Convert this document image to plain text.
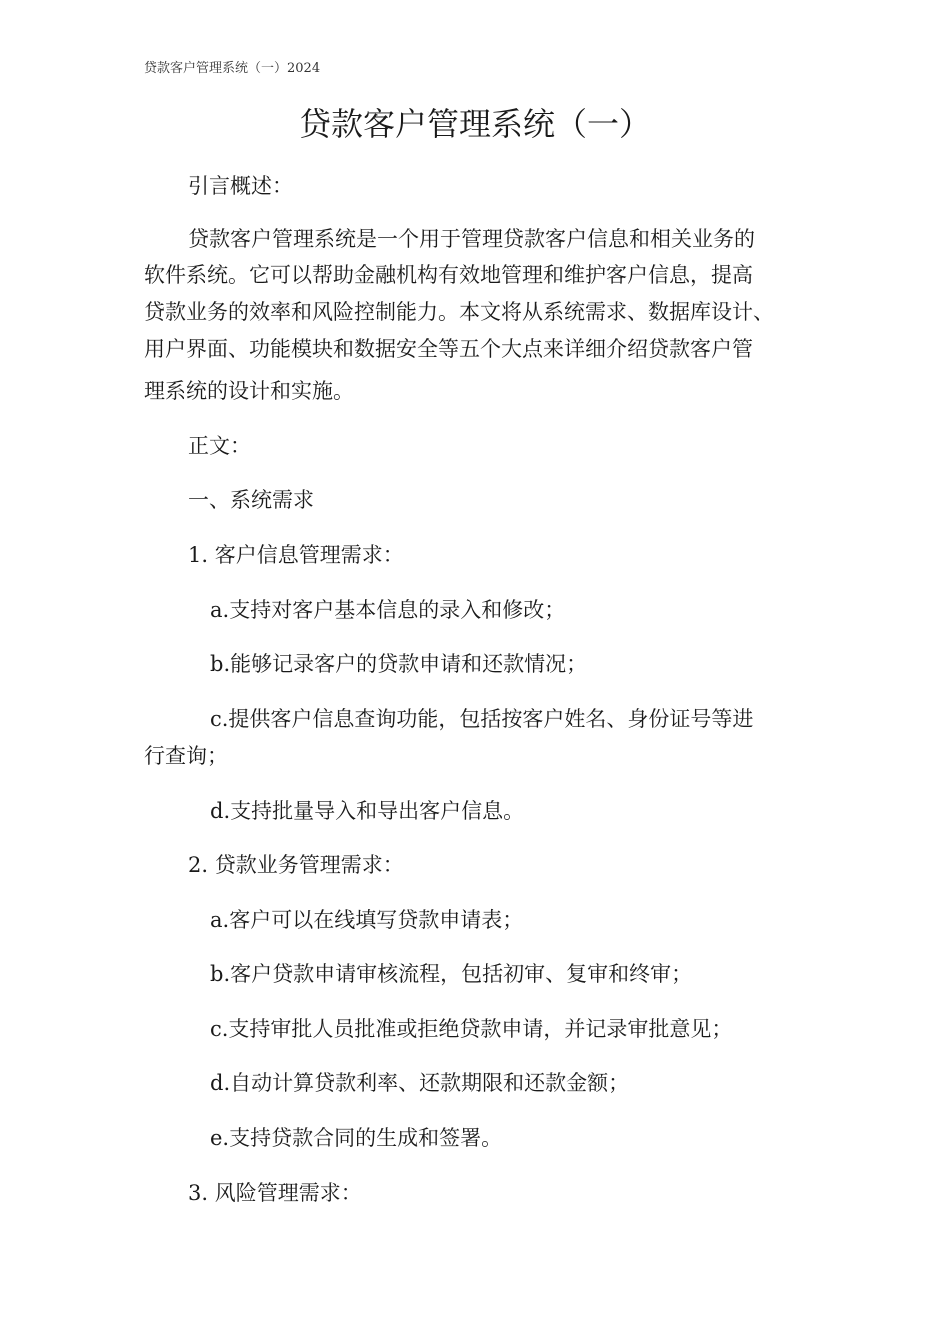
贷款客户管理系统（一）2024
贷款客户管理系统（一）
引言概述：
贷款客户管理系统是一个用于管理贷款客户信息和相关业务的
软件系统。它可以帮助金融机构有效地管理和维护客户信息，提高
贷款业务的效率和风险控制能力。本文将从系统需求、数据库设计、
用户界面、功能模块和数据安全等五个大点来详细介绍贷款客户管
理系统的设计和实施。
正文：
一、系统需求
1. 客户信息管理需求：
a.支持对客户基本信息的录入和修改；
b.能够记录客户的贷款申请和还款情况；
c.提供客户信息查询功能，包括按客户姓名、身份证号等进
行查询；
d.支持批量导入和导出客户信息。
2. 贷款业务管理需求：
a.客户可以在线填写贷款申请表；
b.客户贷款申请审核流程，包括初审、复审和终审；
c.支持审批人员批准或拒绝贷款申请，并记录审批意见；
d.自动计算贷款利率、还款期限和还款金额；
e.支持贷款合同的生成和签署。
3. 风险管理需求：
